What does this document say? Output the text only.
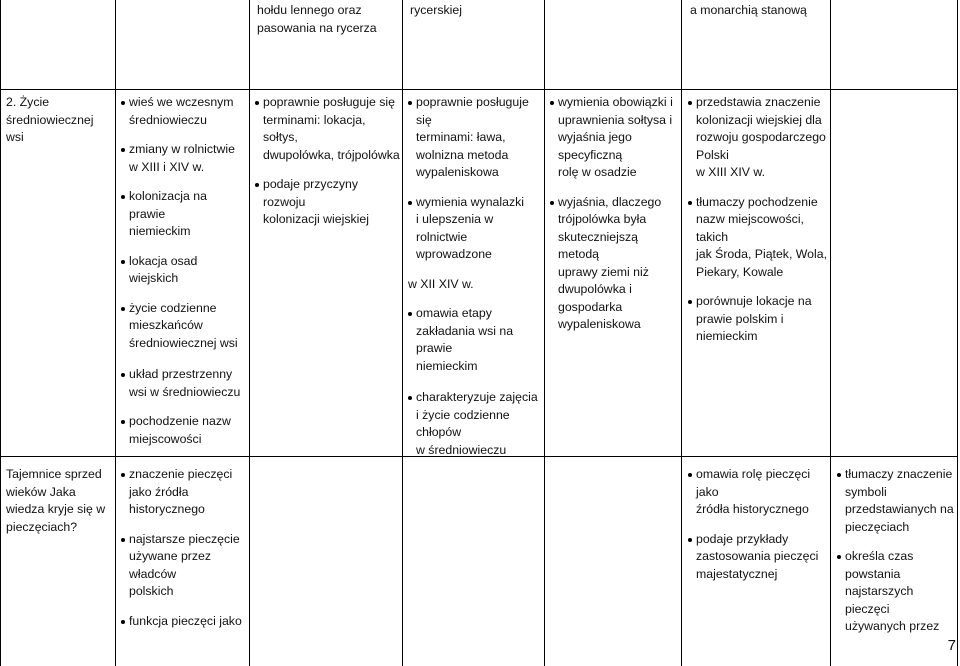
hołdu lennego oraz
pasowania na rycerza

rycerskiej	a monarchią stanową

2. Życie
średniowiecznej wsi

wieś we wczesnym
średniowieczu

zmiany w rolnictwie
w XIII i XIV w.

kolonizacja na prawie
niemieckim

lokacja osad wiejskich

życie codzienne
mieszkańców
średniowiecznej wsi

układ przestrzenny
wsi w średniowieczu

pochodzenie nazw
miejscowości

poprawnie posługuje się
terminami: lokacja, sołtys,
dwupolówka, trójpolówka

podaje przyczyny rozwoju
kolonizacji wiejskiej

poprawnie posługuje się
terminami: ława,
wolnizna metoda
wypaleniskowa

wymienia wynalazki
i ulepszenia w rolnictwie
wprowadzone

w XII XIV w.

omawia etapy
zakładania wsi na prawie
niemieckim

charakteryzuje zajęcia
i życie codzienne chłopów
w średniowieczu

wymienia obowiązki i
uprawnienia sołtysa i
wyjaśnia jego specyficzną
rolę w osadzie

wyjaśnia, dlaczego
trójpolówka była
skuteczniejszą metodą
uprawy ziemi niż
dwupolówka i
gospodarka
wypaleniskowa

przedstawia znaczenie
kolonizacji wiejskiej dla
rozwoju gospodarczego
Polski
w XIII XIV w.

tłumaczy pochodzenie
nazw miejscowości, takich
jak Środa, Piątek, Wola,
Piekary, Kowale

porównuje lokacje na
prawie polskim i
niemieckim

Tajemnice sprzed
wieków Jaka
wiedza kryje się w
pieczęciach?

znaczenie pieczęci
jako źródła
historycznego

najstarsze pieczęcie
używane przez władców
polskich

funkcja pieczęci jako

omawia rolę pieczęci jako
źródła historycznego

podaje przykłady
zastosowania pieczęci
majestatycznej

tłumaczy znaczenie
symboli
przedstawianych na
pieczęciach

określa czas
powstania
najstarszych pieczęci
używanych przez

7
